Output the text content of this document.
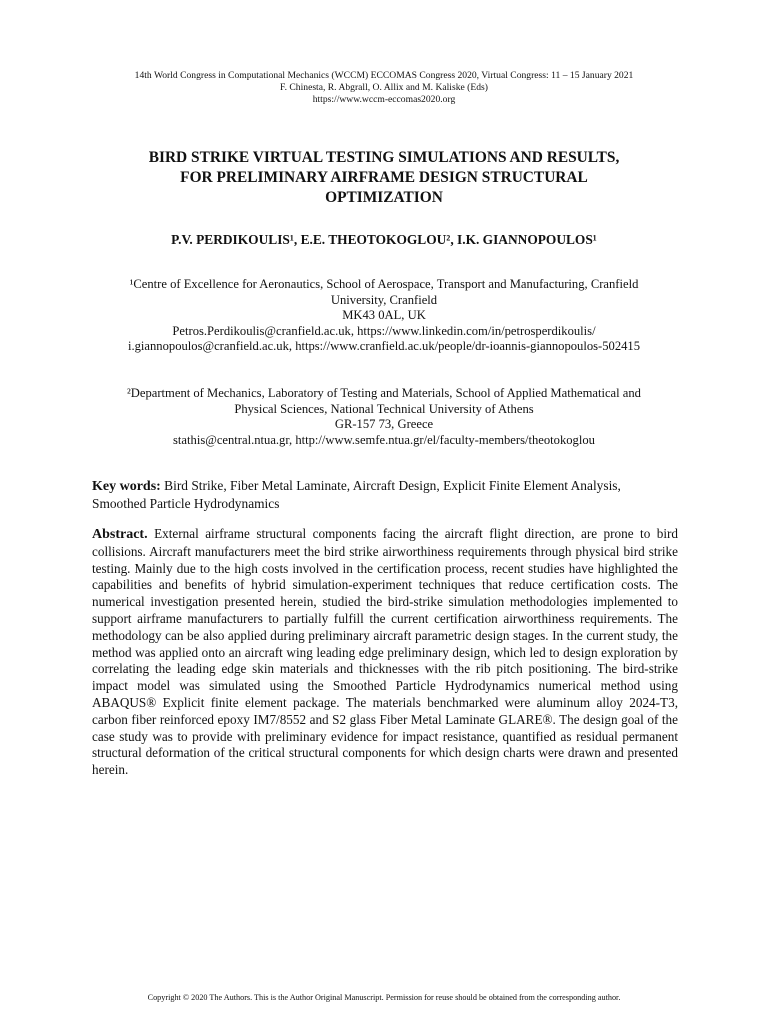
14th World Congress in Computational Mechanics (WCCM) ECCOMAS Congress 2020, Virtual Congress: 11 – 15 January 2021
F. Chinesta, R. Abgrall, O. Allix and M. Kaliske (Eds)
https://www.wccm-eccomas2020.org
BIRD STRIKE VIRTUAL TESTING SIMULATIONS AND RESULTS,
FOR PRELIMINARY AIRFRAME DESIGN STRUCTURAL
OPTIMIZATION
P.V. PERDIKOULIS¹, E.E. THEOTOKOGLOU², I.K. GIANNOPOULOS¹
¹Centre of Excellence for Aeronautics, School of Aerospace, Transport and Manufacturing, Cranfield
University, Cranfield
MK43 0AL, UK
Petros.Perdikoulis@cranfield.ac.uk, https://www.linkedin.com/in/petrosperdikoulis/
i.giannopoulos@cranfield.ac.uk, https://www.cranfield.ac.uk/people/dr-ioannis-giannopoulos-502415
²Department of Mechanics, Laboratory of Testing and Materials, School of Applied Mathematical and
Physical Sciences, National Technical University of Athens
GR-157 73, Greece
stathis@central.ntua.gr, http://www.semfe.ntua.gr/el/faculty-members/theotokoglou
Key words: Bird Strike, Fiber Metal Laminate, Aircraft Design, Explicit Finite Element Analysis, Smoothed Particle Hydrodynamics
Abstract. External airframe structural components facing the aircraft flight direction, are prone to bird collisions. Aircraft manufacturers meet the bird strike airworthiness requirements through physical bird strike testing. Mainly due to the high costs involved in the certification process, recent studies have highlighted the capabilities and benefits of hybrid simulation-experiment techniques that reduce certification costs. The numerical investigation presented herein, studied the bird-strike simulation methodologies implemented to support airframe manufacturers to partially fulfill the current certification airworthiness requirements. The methodology can be also applied during preliminary aircraft parametric design stages. In the current study, the method was applied onto an aircraft wing leading edge preliminary design, which led to design exploration by correlating the leading edge skin materials and thicknesses with the rib pitch positioning. The bird-strike impact model was simulated using the Smoothed Particle Hydrodynamics numerical method using ABAQUS® Explicit finite element package. The materials benchmarked were aluminum alloy 2024-T3, carbon fiber reinforced epoxy IM7/8552 and S2 glass Fiber Metal Laminate GLARE®. The design goal of the case study was to provide with preliminary evidence for impact resistance, quantified as residual permanent structural deformation of the critical structural components for which design charts were drawn and presented herein.
Copyright © 2020 The Authors. This is the Author Original Manuscript. Permission for reuse should be obtained from the corresponding author.
